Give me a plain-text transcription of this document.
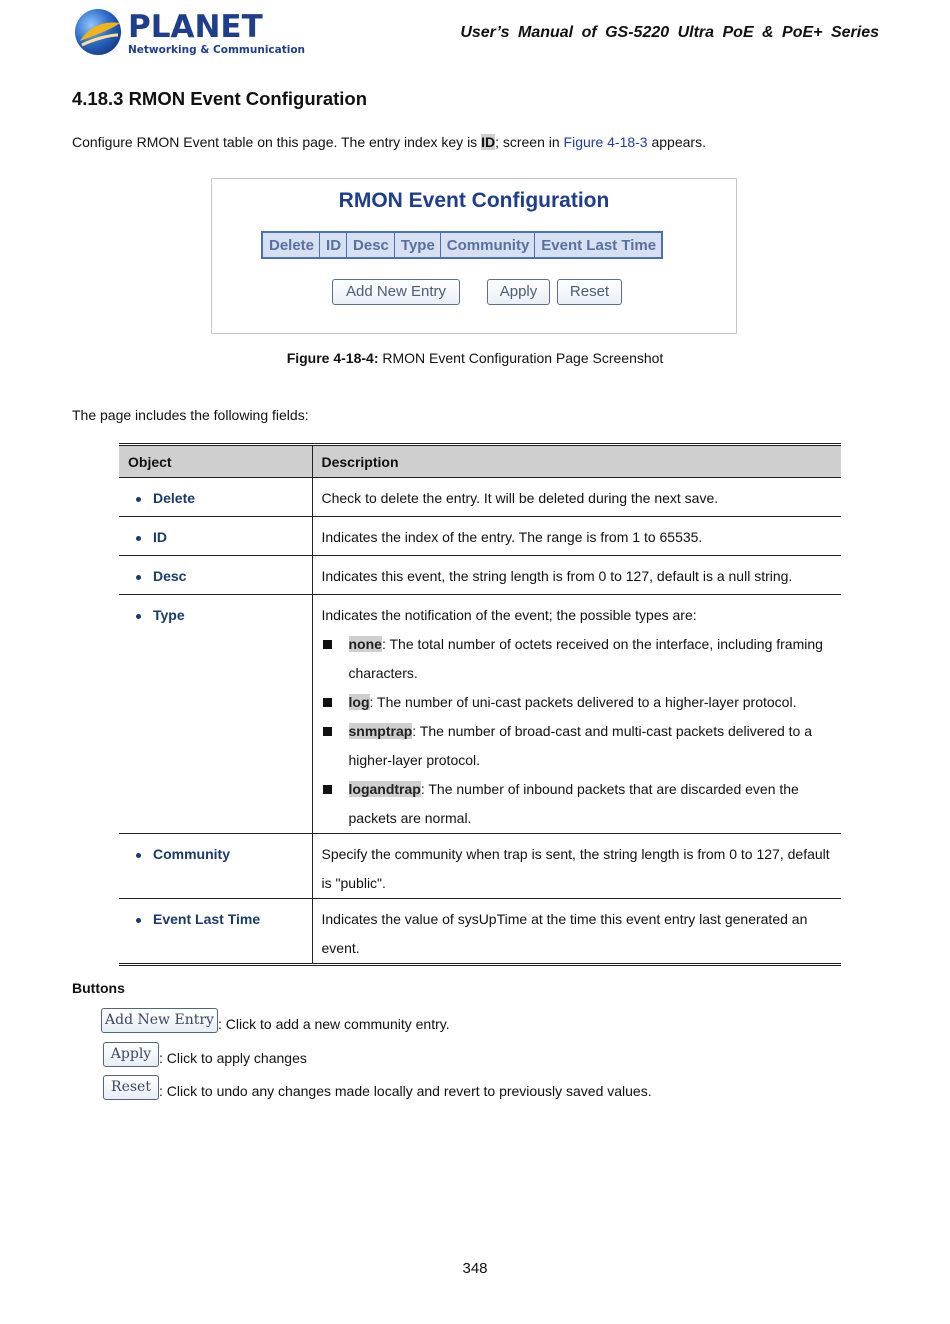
PLANET
Networking & Communication
User’s Manual of GS-5220 Ultra PoE & PoE+ Series
4.18.3 RMON Event Configuration
Configure RMON Event table on this page. The entry index key is ID; screen in Figure 4-18-3 appears.
RMON Event Configuration
Delete	ID	Desc	Type	Community	Event Last Time
Add New Entry	Apply	Reset
Figure 4-18-4: RMON Event Configuration Page Screenshot
The page includes the following fields:
Object	Description
Delete	Check to delete the entry. It will be deleted during the next save.
ID	Indicates the index of the entry. The range is from 1 to 65535.
Desc	Indicates this event, the string length is from 0 to 127, default is a null string.
Type	Indicates the notification of the event; the possible types are:
none: The total number of octets received on the interface, including framing characters.
log: The number of uni-cast packets delivered to a higher-layer protocol.
snmptrap: The number of broad-cast and multi-cast packets delivered to a higher-layer protocol.
logandtrap: The number of inbound packets that are discarded even the packets are normal.

Community	Specify the community when trap is sent, the string length is from 0 to 127, default is "public".
Event Last Time	Indicates the value of sysUpTime at the time this event entry last generated an event.
Buttons
Add New Entry : Click to add a new community entry.
Apply : Click to apply changes
Reset : Click to undo any changes made locally and revert to previously saved values.
348
